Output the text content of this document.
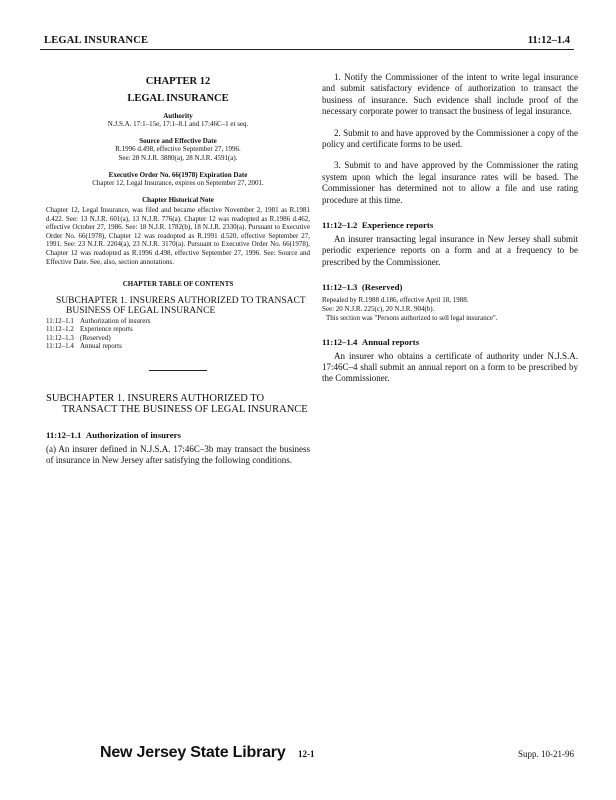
LEGAL INSURANCE	11:12–1.4
CHAPTER 12
LEGAL INSURANCE
Authority
N.J.S.A. 17:1–15e, 17:1–8.1 and 17:46C–1 et seq.
Source and Effective Date
R.1996 d.498, effective September 27, 1996.
See: 28 N.J.R. 3880(a), 28 N.J.R. 4591(a).
Executive Order No. 66(1978) Expiration Date
Chapter 12, Legal Insurance, expires on September 27, 2001.
Chapter Historical Note
Chapter 12, Legal Insurance, was filed and became effective November 2, 1981 as R.1981 d.422. See: 13 N.J.R. 601(a), 13 N.J.R. 776(a). Chapter 12 was readopted as R.1986 d.462, effective October 27, 1986. See: 18 N.J.R. 1782(b), 18 N.J.R. 2330(a). Pursuant to Executive Order No. 66(1978), Chapter 12 was readopted as R.1991 d.520, effective September 27, 1991. See: 23 N.J.R. 2204(a), 23 N.J.R. 3170(a). Pursuant to Executive Order No. 66(1978), Chapter 12 was readopted as R.1996 d.498, effective September 27, 1996. See: Source and Effective Date. See, also, section annotations.
CHAPTER TABLE OF CONTENTS
SUBCHAPTER 1. INSURERS AUTHORIZED TO TRANSACT BUSINESS OF LEGAL INSURANCE
11:12–1.1 Authorization of insurers
11:12–1.2 Experience reports
11:12–1.3 (Reserved)
11:12–1.4 Annual reports
SUBCHAPTER 1. INSURERS AUTHORIZED TO TRANSACT THE BUSINESS OF LEGAL INSURANCE
11:12–1.1 Authorization of insurers
(a) An insurer defined in N.J.S.A. 17:46C–3b may transact the business of insurance in New Jersey after satisfying the following conditions.
1. Notify the Commissioner of the intent to write legal insurance and submit satisfactory evidence of authorization to transact the business of insurance. Such evidence shall include proof of the necessary corporate power to transact the business of legal insurance.
2. Submit to and have approved by the Commissioner a copy of the policy and certificate forms to be used.
3. Submit to and have approved by the Commissioner the rating system upon which the legal insurance rates will be based. The Commissioner has determined not to allow a file and use rating procedure at this time.
11:12–1.2 Experience reports
An insurer transacting legal insurance in New Jersey shall submit periodic experience reports on a form and at a frequency to be prescribed by the Commissioner.
11:12–1.3 (Reserved)
Repealed by R.1988 d.186, effective April 18, 1988.
See: 20 N.J.R. 225(c), 20 N.J.R. 904(b).
This section was "Persons authorized to sell legal insurance".
11:12–1.4 Annual reports
An insurer who obtains a certificate of authority under N.J.S.A. 17:46C–4 shall submit an annual report on a form to be prescribed by the Commissioner.
New Jersey State Library 12-1	Supp. 10-21-96
